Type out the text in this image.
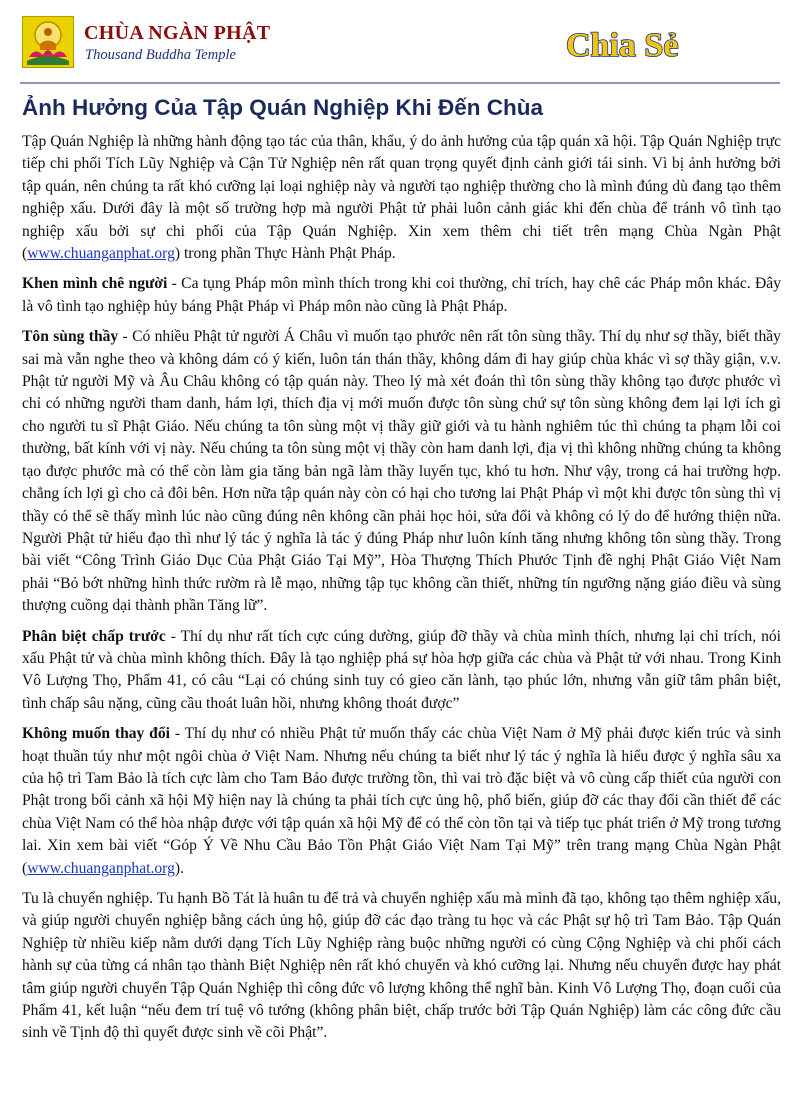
CHÙA NGÀN PHẬT
Thousand Buddha Temple	Chia Sẻ
Ảnh Hưởng Của Tập Quán Nghiệp Khi Đến Chùa

Tập Quán Nghiệp là những hành động tạo tác của thân, khẩu, ý do ảnh hưởng của tập quán xã hội. Tập Quán Nghiệp trực tiếp chi phối Tích Lũy Nghiệp và Cận Tử Nghiệp nên rất quan trọng quyết định cảnh giới tái sinh. Vì bị ảnh hưởng bởi tập quán, nên chúng ta rất khó cưỡng lại loại nghiệp này và người tạo nghiệp thường cho là mình đúng dù đang tạo thêm nghiệp xấu. Dưới đây là một số trường hợp mà người Phật tử phải luôn cảnh giác khi đến chùa để tránh vô tình tạo nghiệp xấu bởi sự chi phối của Tập Quán Nghiệp. Xin xem thêm chi tiết trên mạng Chùa Ngàn Phật (www.chuanganphat.org) trong phần Thực Hành Phật Pháp.

Khen mình chê người - Ca tụng Pháp môn mình thích trong khi coi thường, chỉ trích, hay chê các Pháp môn khác. Đây là vô tình tạo nghiệp hủy báng Phật Pháp vì Pháp môn nào cũng là Phật Pháp.

Tôn sùng thầy - Có nhiều Phật tử người Á Châu vì muốn tạo phước nên rất tôn sùng thầy. Thí dụ như sợ thầy, biết thầy sai mà vẫn nghe theo và không dám có ý kiến, luôn tán thán thầy, không dám đi hay giúp chùa khác vì sợ thầy giận, v.v. Phật tử người Mỹ và Âu Châu không có tập quán này. Theo lý mà xét đoán thì tôn sùng thầy không tạo được phước vì chỉ có những người tham danh, hám lợi, thích địa vị mới muốn được tôn sùng chứ sự tôn sùng không đem lại lợi ích gì cho người tu sĩ Phật Giáo. Nếu chúng ta tôn sùng một vị thầy giữ giới và tu hành nghiêm túc thì chúng ta phạm lỗi coi thường, bất kính với vị này. Nếu chúng ta tôn sùng một vị thầy còn ham danh lợi, địa vị thì không những chúng ta không tạo được phước mà có thể còn làm gia tăng bản ngã làm thầy luyến tục, khó tu hơn. Như vậy, trong cả hai trường hợp. chẳng ích lợi gì cho cả đôi bên. Hơn nữa tập quán này còn có hại cho tương lai Phật Pháp vì một khi được tôn sùng thì vị thầy có thể sẽ thấy mình lúc nào cũng đúng nên không cần phải học hỏi, sửa đổi và không có lý do để hướng thiện nữa. Người Phật tử hiểu đạo thì như lý tác ý nghĩa là tác ý đúng Pháp như luôn kính tăng nhưng không tôn sùng thầy. Trong bài viết “Công Trình Giáo Dục Của Phật Giáo Tại Mỹ”, Hòa Thượng Thích Phước Tịnh đề nghị Phật Giáo Việt Nam phải “Bỏ bớt những hình thức rườm rà lễ mạo, những tập tục không cần thiết, những tín ngưỡng nặng giáo điều và sùng thượng cuồng dại thành phần Tăng lữ”.

Phân biệt chấp trước - Thí dụ như rất tích cực cúng dường, giúp đỡ thầy và chùa mình thích, nhưng lại chỉ trích, nói xấu Phật tử và chùa mình không thích. Đây là tạo nghiệp phá sự hòa hợp giữa các chùa và Phật tử với nhau. Trong Kinh Vô Lượng Thọ, Phẩm 41, có câu “Lại có chúng sinh tuy có gieo căn lành, tạo phúc lớn, nhưng vẫn giữ tâm phân biệt, tình chấp sâu nặng, cũng cầu thoát luân hồi, nhưng không thoát được”

Không muốn thay đổi - Thí dụ như có nhiều Phật tử muốn thấy các chùa Việt Nam ở Mỹ phải được kiến trúc và sinh hoạt thuần túy như một ngôi chùa ở Việt Nam. Nhưng nếu chúng ta biết như lý tác ý nghĩa là hiểu được ý nghĩa sâu xa của hộ trì Tam Bảo là tích cực làm cho Tam Bảo được trường tồn, thì vai trò đặc biệt và vô cùng cấp thiết của người con Phật trong bối cảnh xã hội Mỹ hiện nay là chúng ta phải tích cực ủng hộ, phổ biến, giúp đỡ các thay đổi cần thiết để các chùa Việt Nam có thể hòa nhập được với tập quán xã hội Mỹ để có thể còn tồn tại và tiếp tục phát triển ở Mỹ trong tương lai. Xin xem bài viết “Góp Ý Về Nhu Cầu Bảo Tồn Phật Giáo Việt Nam Tại Mỹ” trên trang mạng Chùa Ngàn Phật (www.chuanganphat.org).

Tu là chuyển nghiệp. Tu hạnh Bồ Tát là huân tu để trả và chuyển nghiệp xấu mà mình đã tạo, không tạo thêm nghiệp xấu, và giúp người chuyển nghiệp bằng cách ủng hộ, giúp đỡ các đạo tràng tu học và các Phật sự hộ trì Tam Bảo. Tập Quán Nghiệp từ nhiều kiếp nằm dưới dạng Tích Lũy Nghiệp ràng buộc những người có cùng Cộng Nghiệp và chi phối cách hành sự của từng cá nhân tạo thành Biệt Nghiệp nên rất khó chuyển và khó cưỡng lại. Nhưng nếu chuyển được hay phát tâm giúp người chuyển Tập Quán Nghiệp thì công đức vô lượng không thể nghĩ bàn. Kinh Vô Lượng Thọ, đoạn cuối của Phẩm 41, kết luận “nếu đem trí tuệ vô tướng (không phân biệt, chấp trước bởi Tập Quán Nghiệp) làm các công đức cầu sinh về Tịnh độ thì quyết được sinh về cõi Phật”.
